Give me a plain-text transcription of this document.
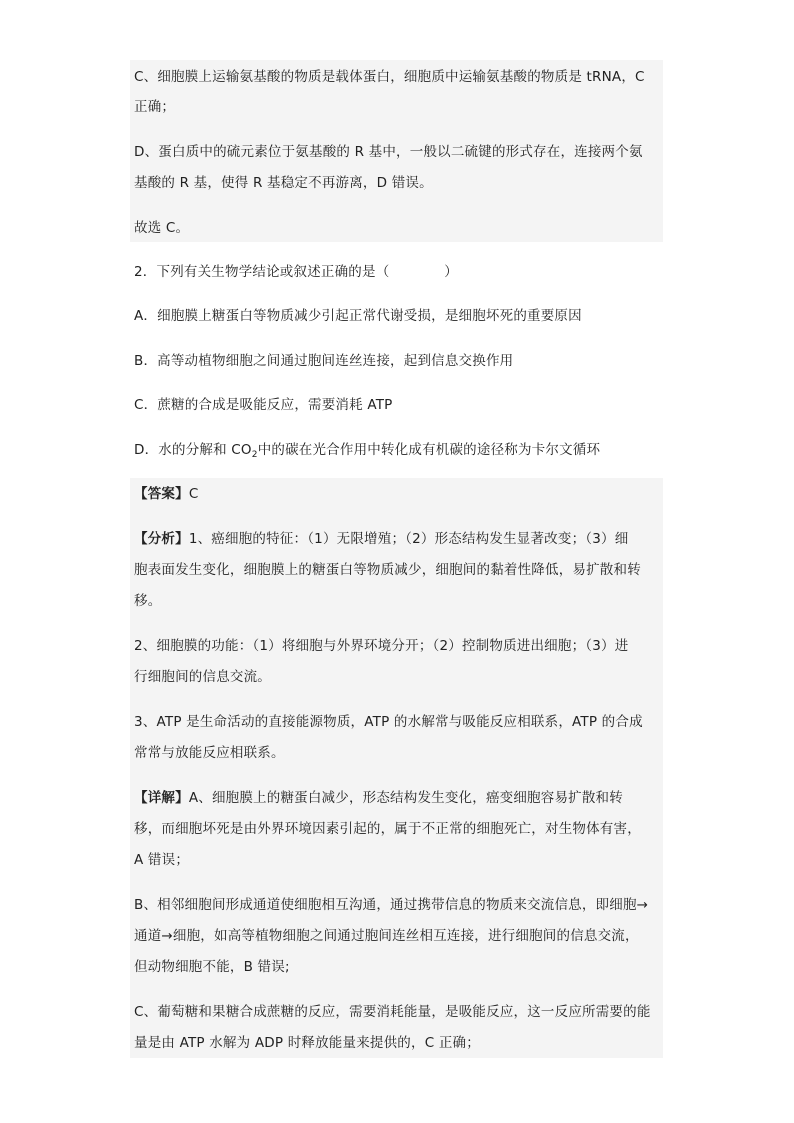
C、细胞膜上运输氨基酸的物质是载体蛋白，细胞质中运输氨基酸的物质是 tRNA，C
正确；
D、蛋白质中的硫元素位于氨基酸的 R 基中，一般以二硫键的形式存在，连接两个氨
基酸的 R 基，使得 R 基稳定不再游离，D 错误。
故选 C。
2．下列有关生物学结论或叙述正确的是（　　　　）
A．细胞膜上糖蛋白等物质减少引起正常代谢受损，是细胞坏死的重要原因
B．高等动植物细胞之间通过胞间连丝连接，起到信息交换作用
C．蔗糖的合成是吸能反应，需要消耗 ATP
D．水的分解和 $CO_2$中的碳在光合作用中转化成有机碳的途径称为卡尔文循环
【答案】C
【分析】1、癌细胞的特征：（1）无限增殖；（2）形态结构发生显著改变；（3）细
胞表面发生变化，细胞膜上的糖蛋白等物质减少，细胞间的黏着性降低，易扩散和转
移。
2、细胞膜的功能：（1）将细胞与外界环境分开；（2）控制物质进出细胞；（3）进
行细胞间的信息交流。
3、ATP 是生命活动的直接能源物质，ATP 的水解常与吸能反应相联系，ATP 的合成
常常与放能反应相联系。
【详解】A、细胞膜上的糖蛋白减少，形态结构发生变化，癌变细胞容易扩散和转
移，而细胞坏死是由外界环境因素引起的，属于不正常的细胞死亡，对生物体有害，
A 错误；
B、相邻细胞间形成通道使细胞相互沟通，通过携带信息的物质来交流信息，即细胞→
通道→细胞，如高等植物细胞之间通过胞间连丝相互连接，进行细胞间的信息交流，
但动物细胞不能，B 错误;
C、葡萄糖和果糖合成蔗糖的反应，需要消耗能量，是吸能反应，这一反应所需要的能
量是由 ATP 水解为 ADP 时释放能量来提供的，C 正确；
